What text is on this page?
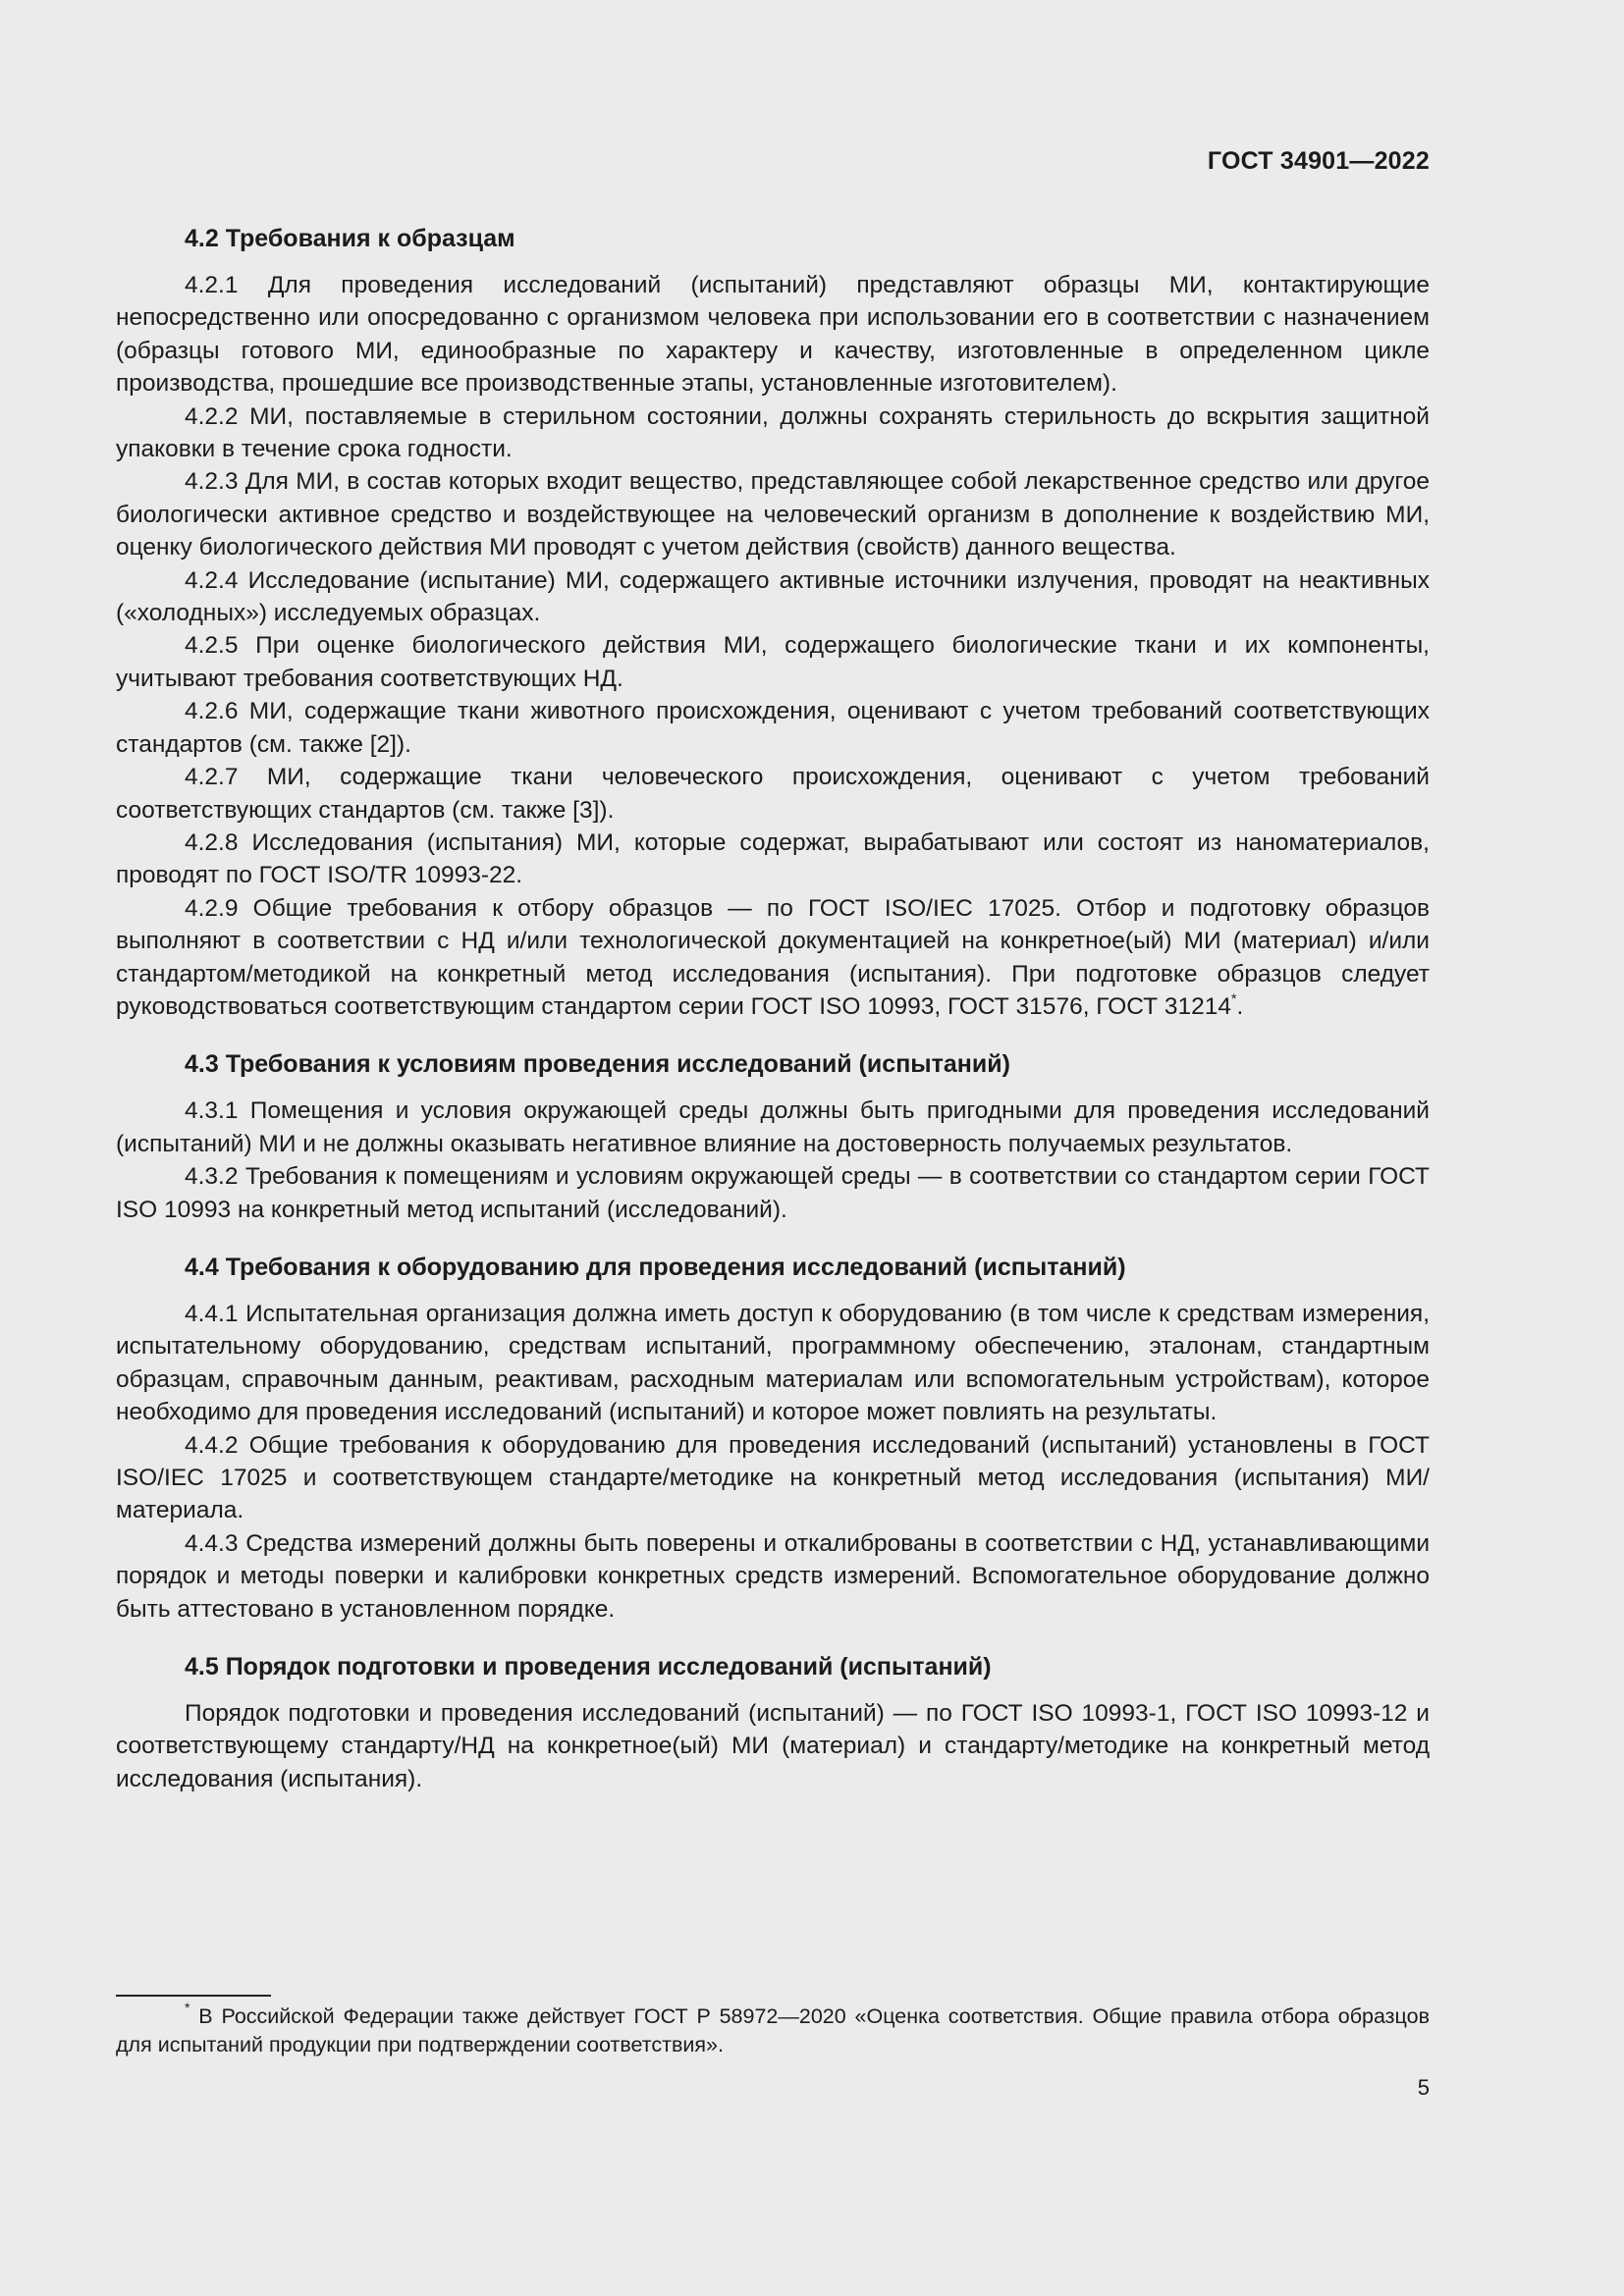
ГОСТ 34901—2022
4.2 Требования к образцам

4.2.1 Для проведения исследований (испытаний) представляют образцы МИ, контактирующие непосредственно или опосредованно с организмом человека при использовании его в соответствии с назначением (образцы готового МИ, единообразные по характеру и качеству, изготовленные в определенном цикле производства, прошедшие все производственные этапы, установленные изготовителем).

4.2.2 МИ, поставляемые в стерильном состоянии, должны сохранять стерильность до вскрытия защитной упаковки в течение срока годности.

4.2.3 Для МИ, в состав которых входит вещество, представляющее собой лекарственное средство или другое биологически активное средство и воздействующее на человеческий организм в дополнение к воздействию МИ, оценку биологического действия МИ проводят с учетом действия (свойств) данного вещества.

4.2.4 Исследование (испытание) МИ, содержащего активные источники излучения, проводят на неактивных («холодных») исследуемых образцах.

4.2.5 При оценке биологического действия МИ, содержащего биологические ткани и их компоненты, учитывают требования соответствующих НД.

4.2.6 МИ, содержащие ткани животного происхождения, оценивают с учетом требований соответствующих стандартов (см. также [2]).

4.2.7 МИ, содержащие ткани человеческого происхождения, оценивают с учетом требований соответствующих стандартов (см. также [3]).

4.2.8 Исследования (испытания) МИ, которые содержат, вырабатывают или состоят из наноматериалов, проводят по ГОСТ ISO/TR 10993-22.

4.2.9 Общие требования к отбору образцов — по ГОСТ ISO/IEC 17025. Отбор и подготовку образцов выполняют в соответствии с НД и/или технологической документацией на конкретное(ый) МИ (материал) и/или стандартом/методикой на конкретный метод исследования (испытания). При подготовке образцов следует руководствоваться соответствующим стандартом серии ГОСТ ISO 10993, ГОСТ 31576, ГОСТ 31214*.

4.3 Требования к условиям проведения исследований (испытаний)

4.3.1 Помещения и условия окружающей среды должны быть пригодными для проведения исследований (испытаний) МИ и не должны оказывать негативное влияние на достоверность получаемых результатов.

4.3.2 Требования к помещениям и условиям окружающей среды — в соответствии со стандартом серии ГОСТ ISO 10993 на конкретный метод испытаний (исследований).

4.4 Требования к оборудованию для проведения исследований (испытаний)

4.4.1 Испытательная организация должна иметь доступ к оборудованию (в том числе к средствам измерения, испытательному оборудованию, средствам испытаний, программному обеспечению, эталонам, стандартным образцам, справочным данным, реактивам, расходным материалам или вспомогательным устройствам), которое необходимо для проведения исследований (испытаний) и которое может повлиять на результаты.

4.4.2 Общие требования к оборудованию для проведения исследований (испытаний) установлены в ГОСТ ISO/IEC 17025 и соответствующем стандарте/методике на конкретный метод исследования (испытания) МИ/материала.

4.4.3 Средства измерений должны быть поверены и откалиброваны в соответствии с НД, устанавливающими порядок и методы поверки и калибровки конкретных средств измерений. Вспомогательное оборудование должно быть аттестовано в установленном порядке.

4.5 Порядок подготовки и проведения исследований (испытаний)

Порядок подготовки и проведения исследований (испытаний) — по ГОСТ ISO 10993-1, ГОСТ ISO 10993-12 и соответствующему стандарту/НД на конкретное(ый) МИ (материал) и стандарту/методике на конкретный метод исследования (испытания).

* В Российской Федерации также действует ГОСТ Р 58972—2020 «Оценка соответствия. Общие правила отбора образцов для испытаний продукции при подтверждении соответствия».
5
